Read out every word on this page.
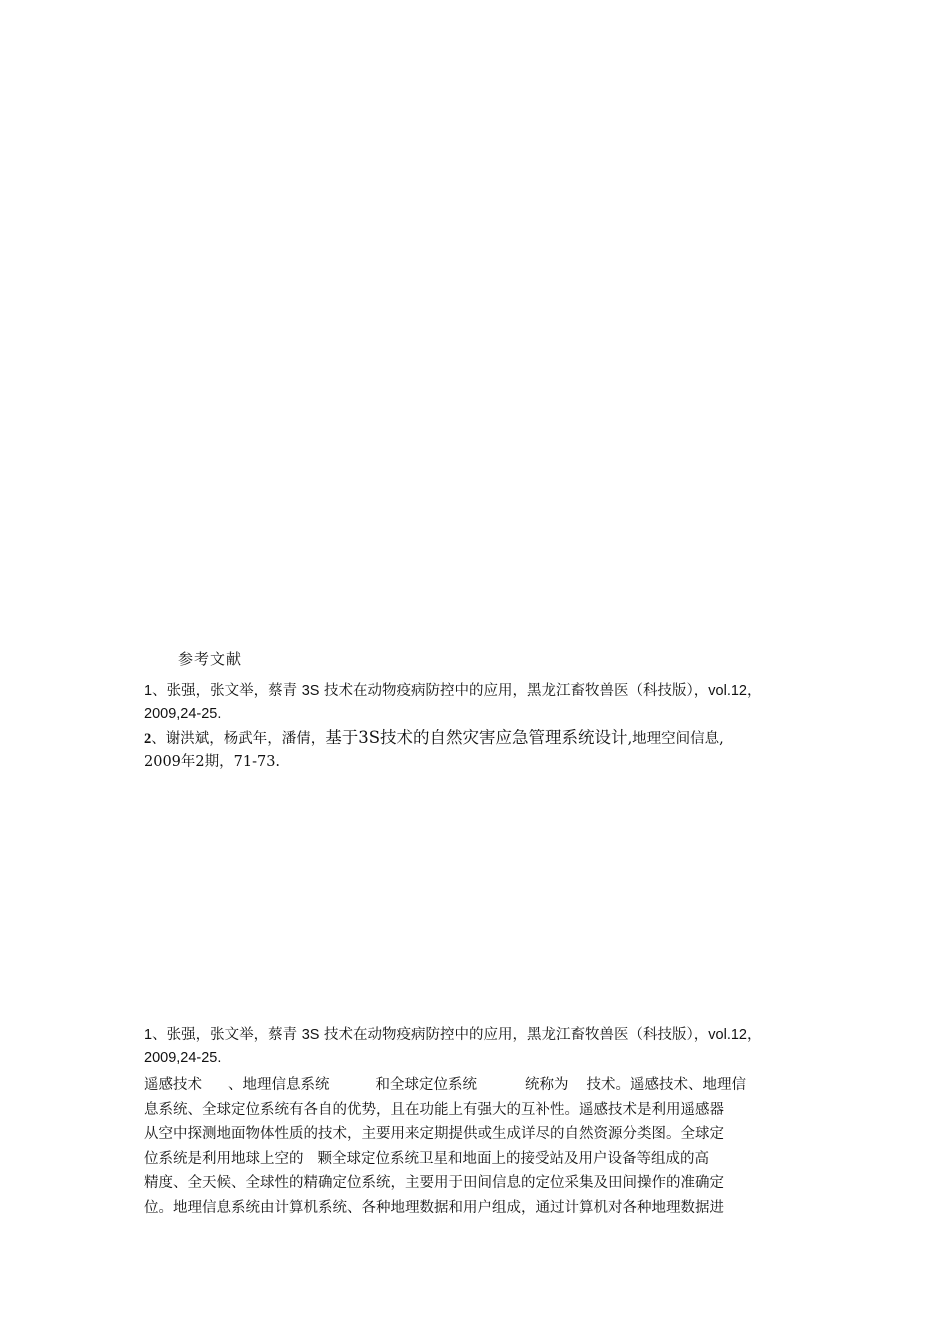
参考文献
1、张强，张文举，蔡青 3S 技术在动物疫病防控中的应用，黑龙江畜牧兽医（科技版），vol.12，
2009,24-25.
2、谢洪斌，杨武年，潘倩，基于3S技术的自然灾害应急管理系统设计,地理空间信息,
2009年2期，71-73.
1、张强，张文举，蔡青 3S 技术在动物疫病防控中的应用，黑龙江畜牧兽医（科技版），vol.12，
2009,24-25.
遥感技术 、地理信息系统	和全球定位系统	统称为 技术。遥感技术、地理信
息系统、全球定位系统有各自的优势，且在功能上有强大的互补性。遥感技术是利用遥感器
从空中探测地面物体性质的技术，主要用来定期提供或生成详尽的自然资源分类图。全球定
位系统是利用地球上空的 颗全球定位系统卫星和地面上的接受站及用户设备等组成的高
精度、全天候、全球性的精确定位系统，主要用于田间信息的定位采集及田间操作的准确定
位。地理信息系统由计算机系统、各种地理数据和用户组成，通过计算机对各种地理数据进
